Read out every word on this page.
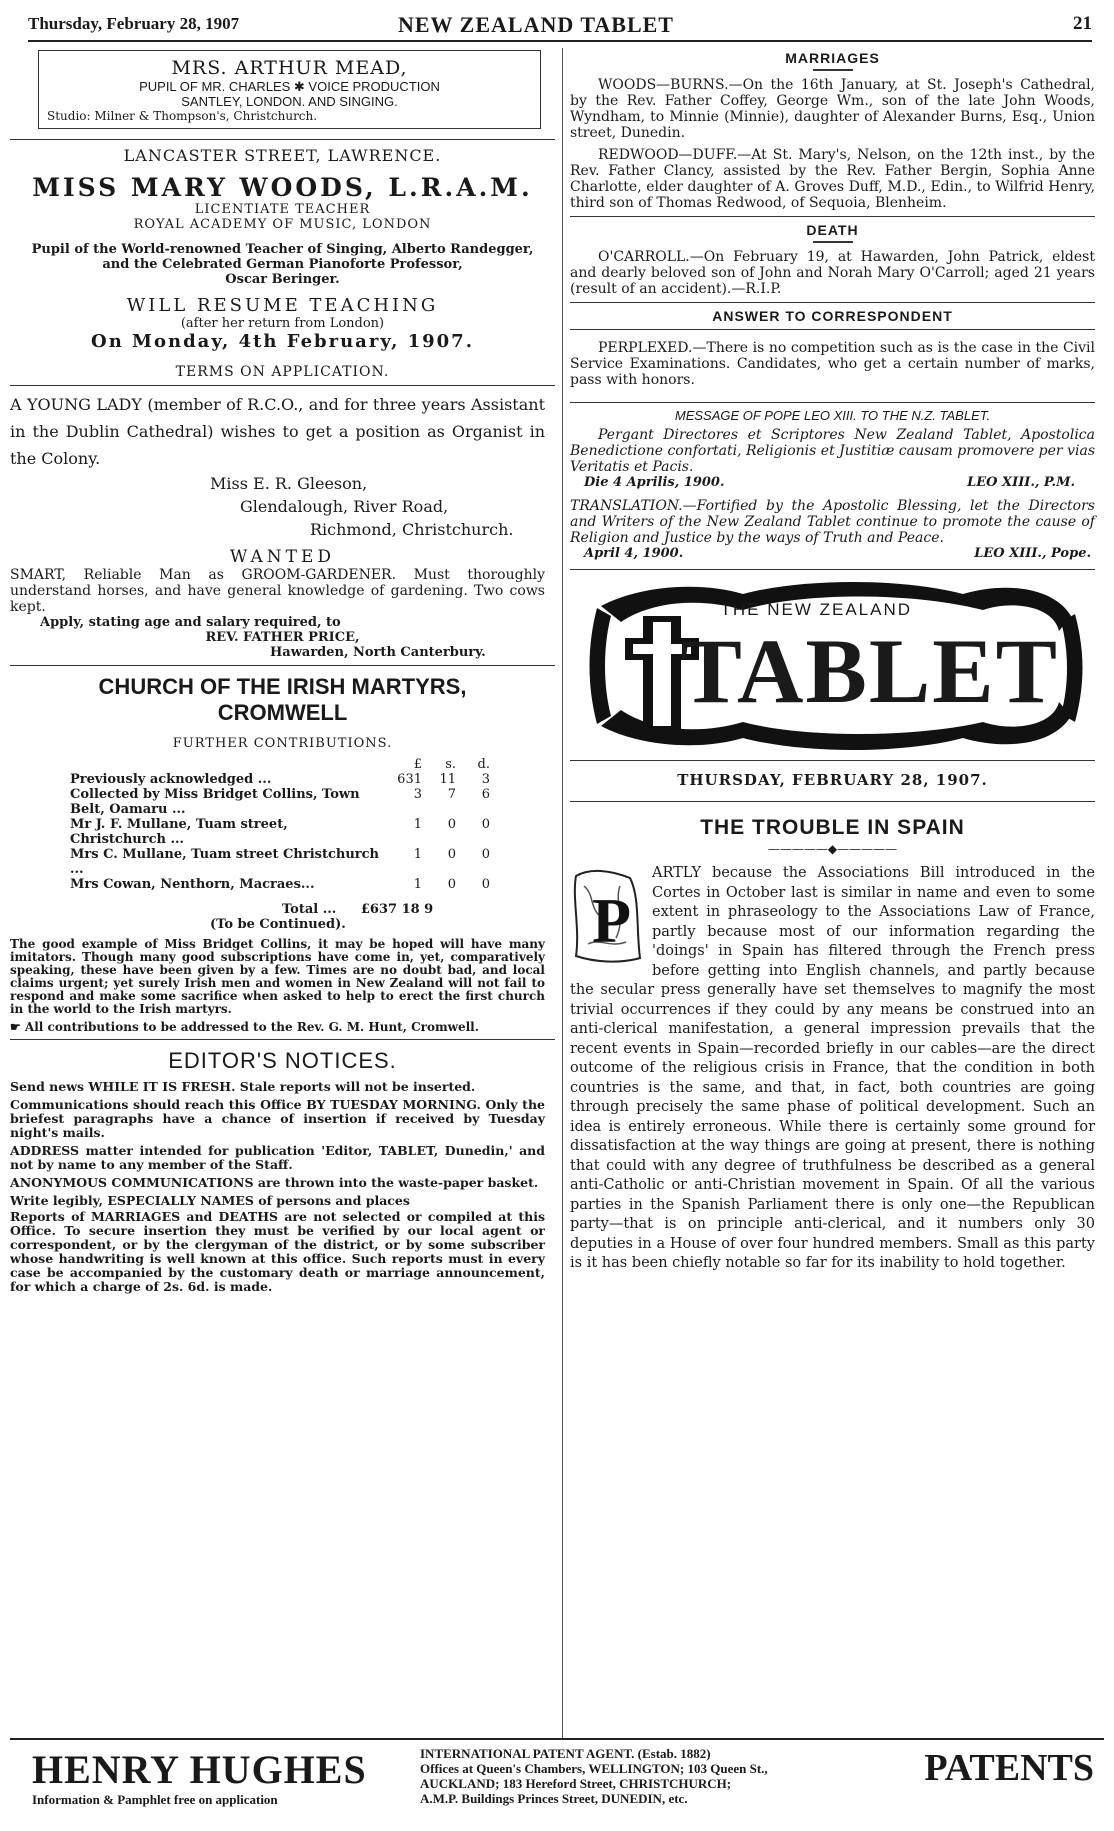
Thursday, February 28, 1907	NEW ZEALAND TABLET	21
MRS. ARTHUR MEAD,
PUPIL OF MR. CHARLES ✱ VOICE PRODUCTION
SANTLEY, LONDON. AND SINGING.
Studio: Milner & Thompson's, Christchurch.
LANCASTER STREET, LAWRENCE.
MISS MARY WOODS, L.R.A.M.
LICENTIATE TEACHER
ROYAL ACADEMY OF MUSIC, LONDON
Pupil of the World-renowned Teacher of Singing, Alberto Randegger,
and the Celebrated German Pianoforte Professor,
Oscar Beringer.
WILL RESUME TEACHING
(after her return from London)
On Monday, 4th February, 1907.
TERMS ON APPLICATION.
A YOUNG LADY (member of R.C.O., and for three years Assistant in the Dublin Cathedral) wishes to get a position as Organist in the Colony.
Miss E. R. Gleeson,
Glendalough, River Road,
Richmond, Christchurch.
WANTED
SMART, Reliable Man as GROOM-GARDENER. Must thoroughly understand horses, and have general knowledge of gardening. Two cows kept.
Apply, stating age and salary required, to
REV. FATHER PRICE,
Hawarden, North Canterbury.
CHURCH OF THE IRISH MARTYRS,
CROMWELL
FURTHER CONTRIBUTIONS.
	£	s.	d.
Previously acknowledged ...	631	11	3
Collected by Miss Bridget Collins, Town Belt, Oamaru ...	3	7	6
Mr J. F. Mullane, Tuam street, Christchurch ...	1	0	0
Mrs C. Mullane, Tuam street Christchurch ...	1	0	0
Mrs Cowan, Nenthorn, Macraes...	1	0	0
Total ... £637 18 9
(To be Continued).
The good example of Miss Bridget Collins, it may be hoped will have many imitators. Though many good subscriptions have come in, yet, comparatively speaking, these have been given by a few. Times are no doubt bad, and local claims urgent; yet surely Irish men and women in New Zealand will not fail to respond and make some sacrifice when asked to help to erect the first church in the world to the Irish martyrs.
☛ All contributions to be addressed to the Rev. G. M. Hunt, Cromwell.
EDITOR'S NOTICES.

Send news WHILE IT IS FRESH. Stale reports will not be inserted.

Communications should reach this Office BY TUESDAY MORNING. Only the briefest paragraphs have a chance of insertion if received by Tuesday night's mails.

ADDRESS matter intended for publication 'Editor, TABLET, Dunedin,' and not by name to any member of the Staff.

ANONYMOUS COMMUNICATIONS are thrown into the waste-paper basket.

Write legibly, ESPECIALLY NAMES of persons and places

Reports of MARRIAGES and DEATHS are not selected or compiled at this Office. To secure insertion they must be verified by our local agent or correspondent, or by the clergyman of the district, or by some subscriber whose handwriting is well known at this office. Such reports must in every case be accompanied by the customary death or marriage announcement, for which a charge of 2s. 6d. is made.

MARRIAGES

WOODS—BURNS.—On the 16th January, at St. Joseph's Cathedral, by the Rev. Father Coffey, George Wm., son of the late John Woods, Wyndham, to Minnie (Minnie), daughter of Alexander Burns, Esq., Union street, Dunedin.

REDWOOD—DUFF.—At St. Mary's, Nelson, on the 12th inst., by the Rev. Father Clancy, assisted by the Rev. Father Bergin, Sophia Anne Charlotte, elder daughter of A. Groves Duff, M.D., Edin., to Wilfrid Henry, third son of Thomas Redwood, of Sequoia, Blenheim.

DEATH

O'CARROLL.—On February 19, at Hawarden, John Patrick, eldest and dearly beloved son of John and Norah Mary O'Carroll; aged 21 years (result of an accident).—R.I.P.

ANSWER TO CORRESPONDENT

PERPLEXED.—There is no competition such as is the case in the Civil Service Examinations. Candidates, who get a certain number of marks, pass with honors.

MESSAGE OF POPE LEO XIII. TO THE N.Z. TABLET.

Pergant Directores et Scriptores New Zealand Tablet, Apostolica Benedictione confortati, Religionis et Justitiæ causam promovere per vias Veritatis et Pacis.

Die 4 Aprilis, 1900.	LEO XIII., P.M.

TRANSLATION.—Fortified by the Apostolic Blessing, let the Directors and Writers of the New Zealand Tablet continue to promote the cause of Religion and Justice by the ways of Truth and Peace.

April 4, 1900.	LEO XIII., Pope.
THE NEW ZEALAND
TABLET
THURSDAY, FEBRUARY 28, 1907.
THE TROUBLE IN SPAIN
—————◆—————
P
ARTLY because the Associations Bill introduced in the Cortes in October last is similar in name and even to some extent in phraseology to the Associations Law of France, partly because most of our information regarding the 'doings' in Spain has filtered through the French press before getting into English channels, and partly because the secular press generally have set themselves to magnify the most trivial occurrences if they could by any means be construed into an anti-clerical manifestation, a general impression prevails that the recent events in Spain—recorded briefly in our cables—are the direct outcome of the religious crisis in France, that the condition in both countries is the same, and that, in fact, both countries are going through precisely the same phase of political development. Such an idea is entirely erroneous. While there is certainly some ground for dissatisfaction at the way things are going at present, there is nothing that could with any degree of truthfulness be described as a general anti-Catholic or anti-Christian movement in Spain. Of all the various parties in the Spanish Parliament there is only one—the Republican party—that is on principle anti-clerical, and it numbers only 30 deputies in a House of over four hundred members. Small as this party is it has been chiefly notable so far for its inability to hold together.
HENRY HUGHES
Information & Pamphlet free on application
INTERNATIONAL PATENT AGENT. (Estab. 1882)
Offices at Queen's Chambers, WELLINGTON; 103 Queen St.,
AUCKLAND; 183 Hereford Street, CHRISTCHURCH;
A.M.P. Buildings Princes Street, DUNEDIN, etc.
PATENTS
